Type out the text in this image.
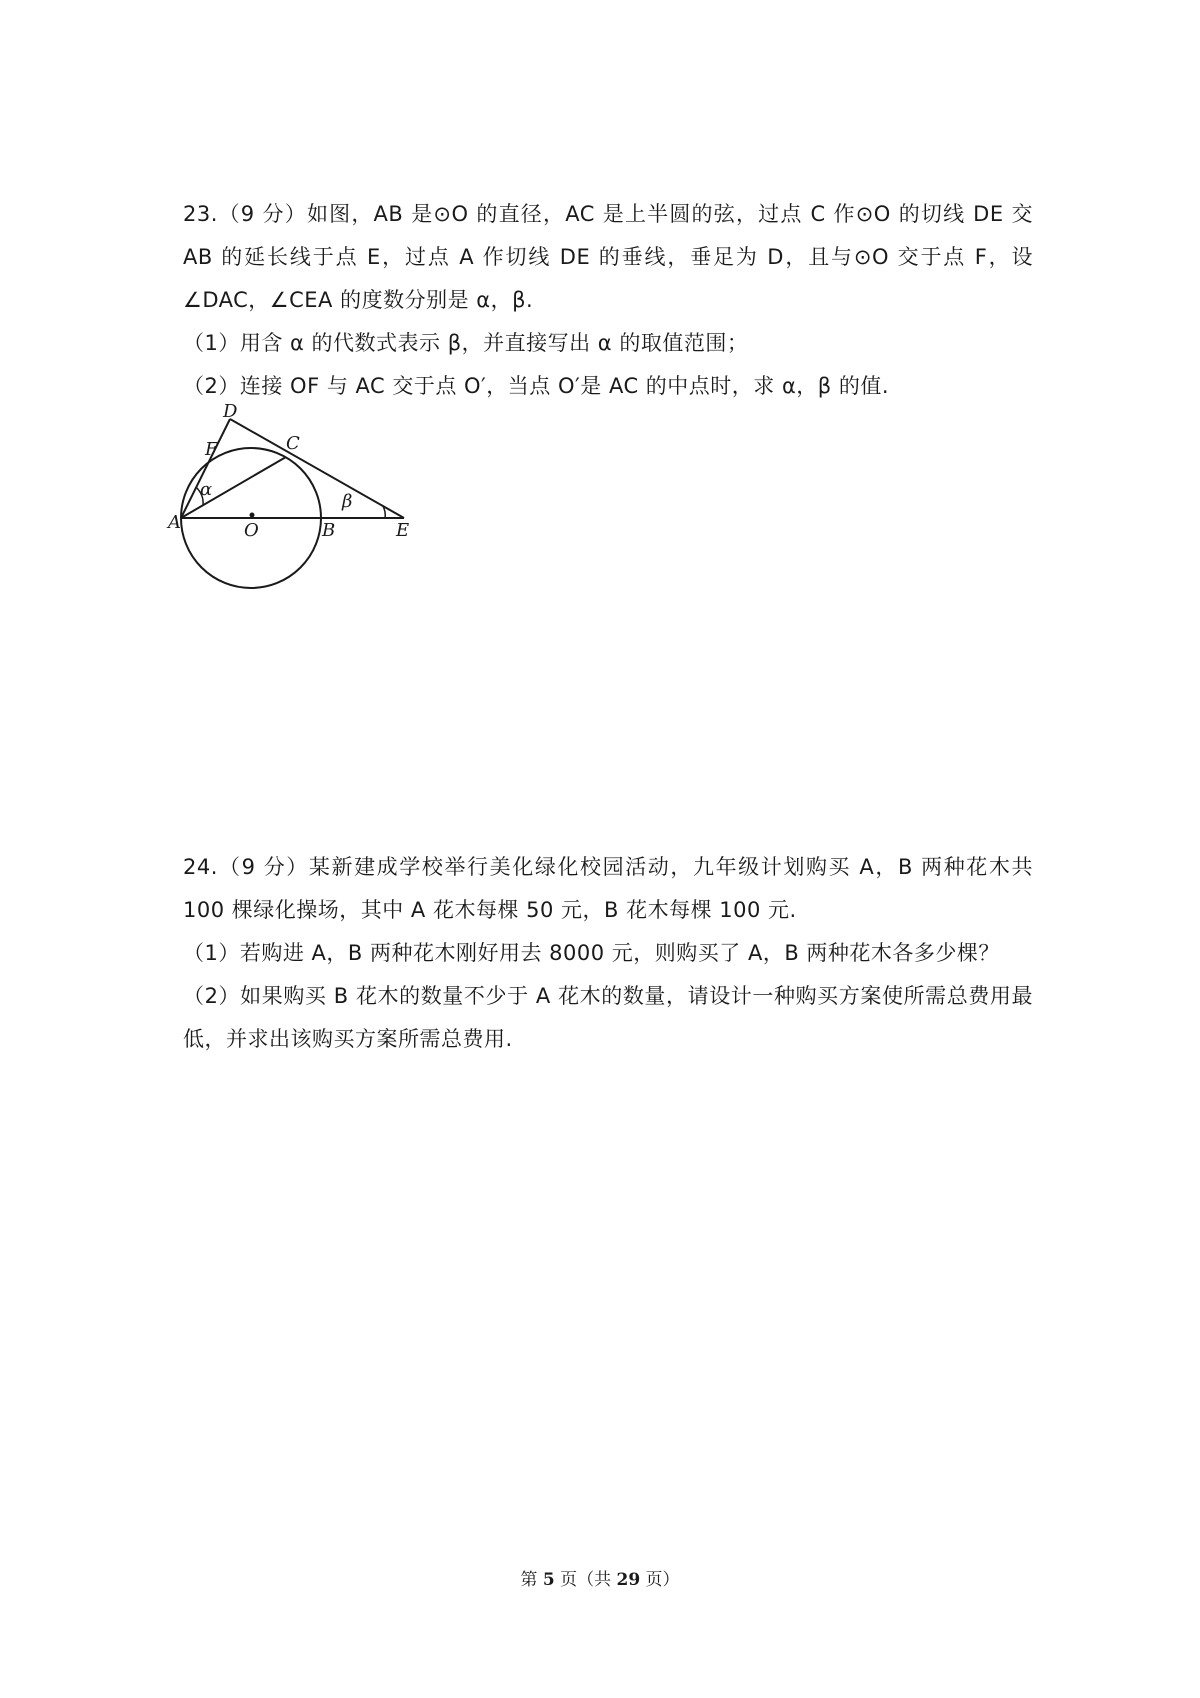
23.（9 分）如图，AB 是⊙O 的直径，AC 是上半圆的弦，过点 C 作⊙O 的切线 DE 交 AB 的延长线于点 E，过点 A 作切线 DE 的垂线，垂足为 D，且与⊙O 交于点 F，设∠DAC，∠CEA 的度数分别是 α，β.

（1）用含 α 的代数式表示 β，并直接写出 α 的取值范围；

（2）连接 OF 与 AC 交于点 O′，当点 O′是 AC 的中点时，求 α，β 的值.

D
F	C
A	O	B	E
α
β

24.（9 分）某新建成学校举行美化绿化校园活动，九年级计划购买 A，B 两种花木共 100 棵绿化操场，其中 A 花木每棵 50 元，B 花木每棵 100 元.

（1）若购进 A，B 两种花木刚好用去 8000 元，则购买了 A，B 两种花木各多少棵？

（2）如果购买 B 花木的数量不少于 A 花木的数量，请设计一种购买方案使所需总费用最低，并求出该购买方案所需总费用.

第 5 页（共 29 页）
